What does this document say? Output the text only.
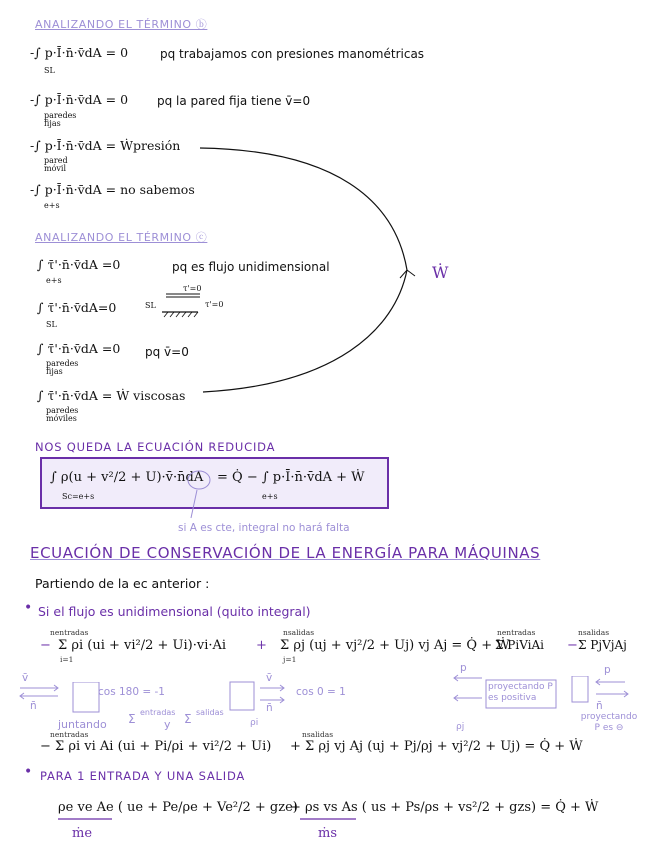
ANALIZANDO EL TÉRMINO ⓑ
-∫ p·Ī·n̄·v̄dA = 0
SL
pq trabajamos con presiones manométricas
-∫ p·Ī·n̄·v̄dA = 0
paredes fijas
pq la pared fija tiene v̄=0
-∫ p·Ī·n̄·v̄dA = Ẇpresión
pared móvil
-∫ p·Ī·n̄·v̄dA = no sabemos
e+s
ANALIZANDO EL TÉRMINO ⓒ
∫ τ̄'·n̄·v̄dA =0
e+s
pq es flujo unidimensional
∫ τ̄'·n̄·v̄dA=0
SL
SL
τ'=0
τ'=0
∫ τ̄'·n̄·v̄dA =0
paredes fijas
pq v̄=0
∫ τ̄'·n̄·v̄dA = Ẇ viscosas
paredes móviles
Ẇ
NOS QUEDA LA ECUACIÓN REDUCIDA
∫ ρ(u + v²/2 + U)·v̄·n̄dA
Sc=e+s
= Q̇ − ∫ p·Ī·n̄·v̄dA + Ẇ
e+s
si A es cte, integral no hará falta
ECUACIÓN DE CONSERVACIÓN DE LA ENERGÍA PARA MÁQUINAS
Partiendo de la ec anterior :
• Si el flujo es unidimensional (quito integral)
nentradas
− Σ ρi (ui + vi²/2 + Ui)·vi·Ai
i=1
+
nsalidas
Σ ρj (uj + vj²/2 + Uj) vj Aj = Q̇ + Ẇ
j=1
Σ PiViAi
nentradas
−
nsalidas
Σ PjVjAj
v̄
n̄
cos 180 = -1
v̄
n̄
cos 0 = 1
p
proyectando P es positiva
p
n̄
proyectando P es ⊖
juntando Σ entradas
y Σ salidas
ρi	ρj
nentradas	nsalidas
− Σ ρi vi Ai (ui + Pi/ρi + vi²/2 + Ui) + Σ ρj vj Aj (uj + Pj/ρj + vj²/2 + Uj) = Q̇ + Ẇ
• PARA 1 ENTRADA Y UNA SALIDA
ρe ve Ae ( ue + Pe/ρe + Ve²/2 + gze)
+ ρs vs As ( us + Ps/ρs + vs²/2 + gzs) = Q̇ + Ẇ
ṁe	ṁs
